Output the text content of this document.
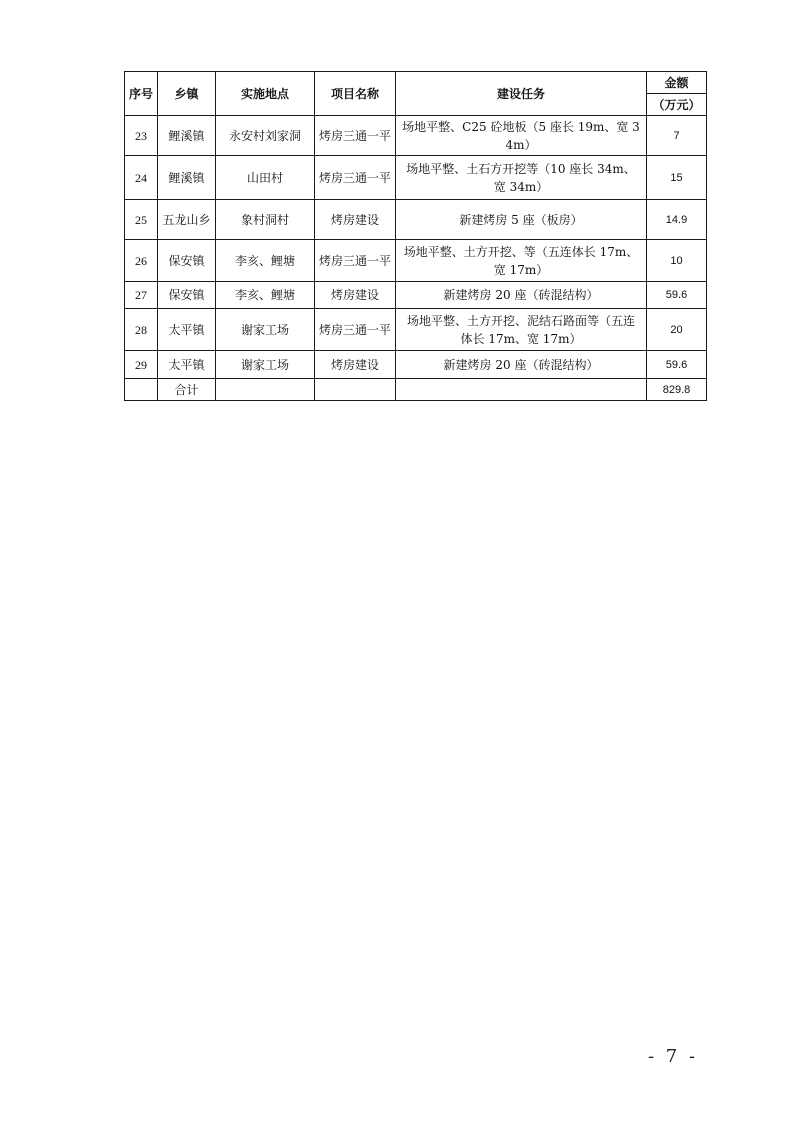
序号	乡镇	实施地点	项目名称	建设任务	金额
					（万元）
23	鲤溪镇	永安村刘家洞	烤房三通一平	场地平整、C25 砼地板（5 座长 19m、宽 34m）	7
24	鲤溪镇	山田村	烤房三通一平	场地平整、土石方开挖等（10 座长 34m、宽 34m）	15
25	五龙山乡	象村洞村	烤房建设	新建烤房 5 座（板房）	14.9
26	保安镇	李亥、鲤塘	烤房三通一平	场地平整、土方开挖、等（五连体长 17m、宽 17m）	10
27	保安镇	李亥、鲤塘	烤房建设	新建烤房 20 座（砖混结构）	59.6
28	太平镇	谢家工场	烤房三通一平	场地平整、土方开挖、泥结石路面等（五连体长 17m、宽 17m）	20
29	太平镇	谢家工场	烤房建设	新建烤房 20 座（砖混结构）	59.6
	合计				829.8
- 7 -
